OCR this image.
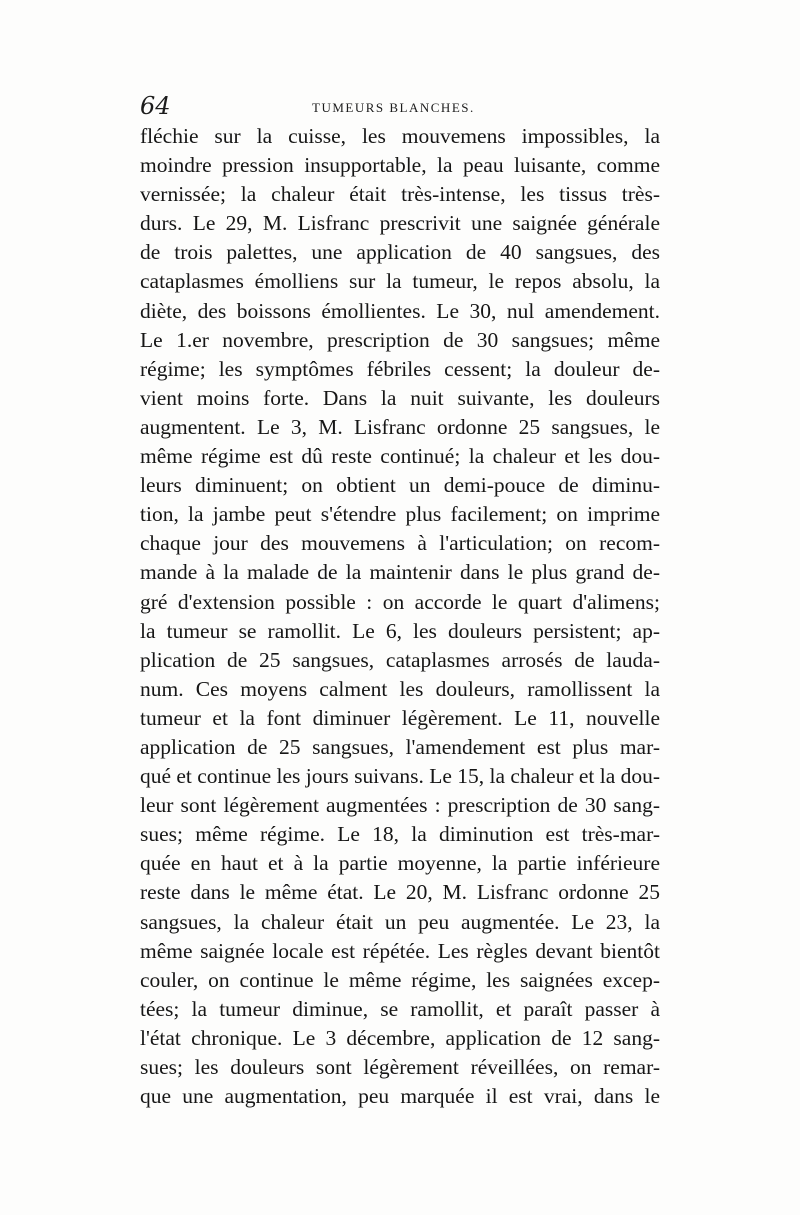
64	TUMEURS BLANCHES.
fléchie sur la cuisse, les mouvemens impossibles, la
moindre pression insupportable, la peau luisante, comme
vernissée; la chaleur était très-intense, les tissus très-
durs. Le 29, M. Lisfranc prescrivit une saignée générale
de trois palettes, une application de 40 sangsues, des
cataplasmes émolliens sur la tumeur, le repos absolu, la
diète, des boissons émollientes. Le 30, nul amendement.
Le 1.er novembre, prescription de 30 sangsues; même
régime; les symptômes fébriles cessent; la douleur de-
vient moins forte. Dans la nuit suivante, les douleurs
augmentent. Le 3, M. Lisfranc ordonne 25 sangsues, le
même régime est dû reste continué; la chaleur et les dou-
leurs diminuent; on obtient un demi-pouce de diminu-
tion, la jambe peut s'étendre plus facilement; on imprime
chaque jour des mouvemens à l'articulation; on recom-
mande à la malade de la maintenir dans le plus grand de-
gré d'extension possible : on accorde le quart d'alimens;
la tumeur se ramollit. Le 6, les douleurs persistent; ap-
plication de 25 sangsues, cataplasmes arrosés de lauda-
num. Ces moyens calment les douleurs, ramollissent la
tumeur et la font diminuer légèrement. Le 11, nouvelle
application de 25 sangsues, l'amendement est plus mar-
qué et continue les jours suivans. Le 15, la chaleur et la dou-
leur sont légèrement augmentées : prescription de 30 sang-
sues; même régime. Le 18, la diminution est très-mar-
quée en haut et à la partie moyenne, la partie inférieure
reste dans le même état. Le 20, M. Lisfranc ordonne 25
sangsues, la chaleur était un peu augmentée. Le 23, la
même saignée locale est répétée. Les règles devant bientôt
couler, on continue le même régime, les saignées excep-
tées; la tumeur diminue, se ramollit, et paraît passer à
l'état chronique. Le 3 décembre, application de 12 sang-
sues; les douleurs sont légèrement réveillées, on remar-
que une augmentation, peu marquée il est vrai, dans le
